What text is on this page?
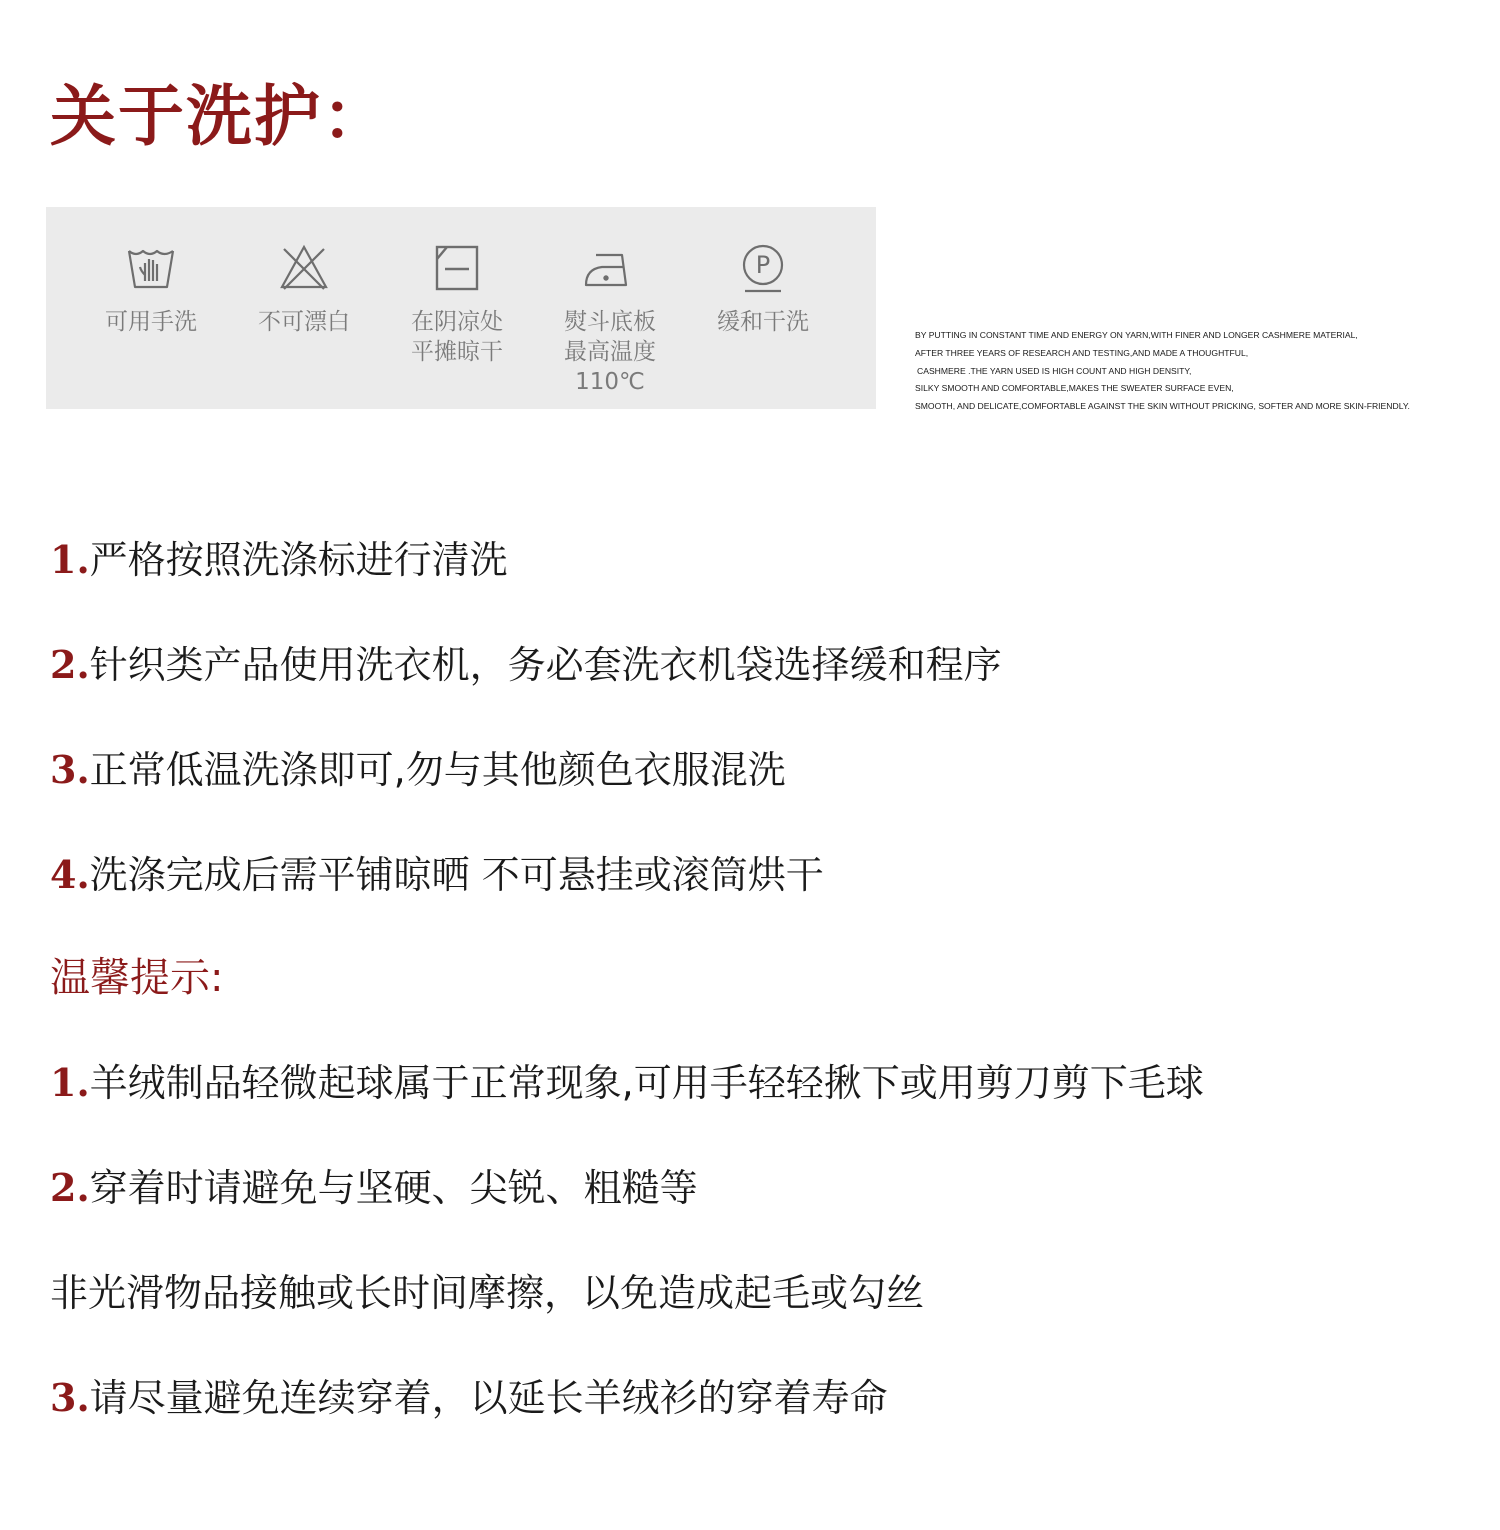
关于洗护：
可用手洗	不可漂白	在阴凉处
平摊晾干
熨斗底板
最高温度
110℃
P
缓和干洗	BY PUTTING IN CONSTANT TIME AND ENERGY ON YARN,WITH FINER AND LONGER CASHMERE MATERIAL,
AFTER THREE YEARS OF RESEARCH AND TESTING,AND MADE A THOUGHTFUL,
CASHMERE .THE YARN USED IS HIGH COUNT AND HIGH DENSITY,
SILKY SMOOTH AND COMFORTABLE,MAKES THE SWEATER SURFACE EVEN,
SMOOTH, AND DELICATE,COMFORTABLE AGAINST THE SKIN WITHOUT PRICKING, SOFTER AND MORE SKIN-FRIENDLY.
1.严格按照洗涤标进行清洗
2.针织类产品使用洗衣机，务必套洗衣机袋选择缓和程序
3.正常低温洗涤即可,勿与其他颜色衣服混洗
4.洗涤完成后需平铺晾晒 不可悬挂或滚筒烘干
温馨提示:
1.羊绒制品轻微起球属于正常现象,可用手轻轻揪下或用剪刀剪下毛球
2.穿着时请避免与坚硬、尖锐、粗糙等
非光滑物品接触或长时间摩擦，以免造成起毛或勾丝
3.请尽量避免连续穿着，以延长羊绒衫的穿着寿命
